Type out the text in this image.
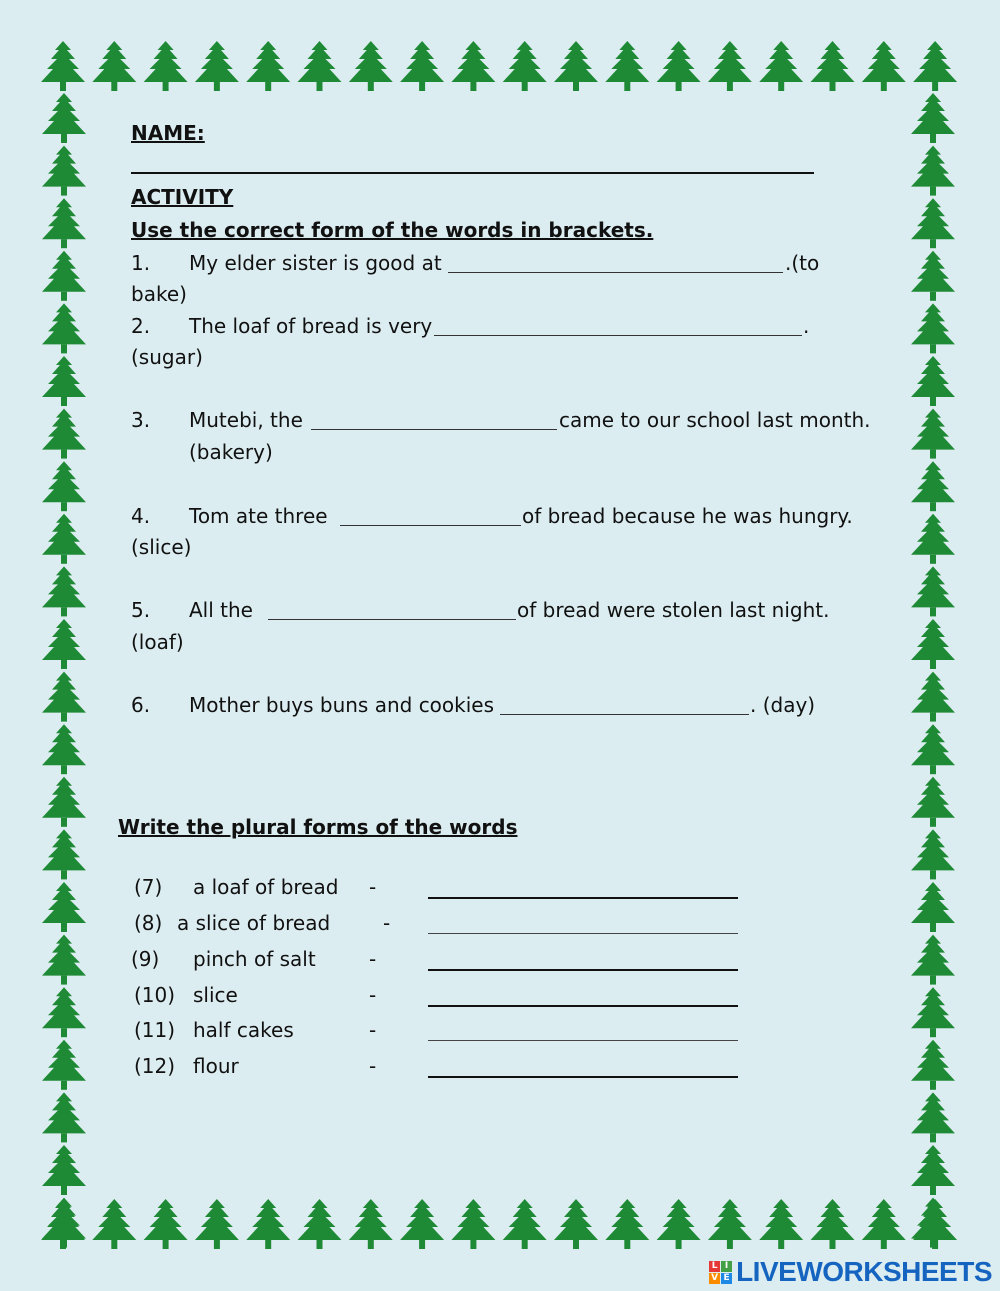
NAME:

ACTIVITY

Use the correct form of the words in brackets.

1. My elder sister is good at	.(to

bake)

2. The loaf of bread is very	.

(sugar)

3. Mutebi, the	came to our school last month.

(bakery)

4. Tom ate three	of bread because he was hungry.

(slice)

5. All the	of bread were stolen last night.

(loaf)

6. Mother buys buns and cookies	. (day)

Write the plural forms of the words

(7) a loaf of bread -

(8) a slice of bread	-

(9) pinch of salt	-

(10) slice	-

(11) half cakes	-

(12) flour	-

L I
V E LIVEWORKSHEETS
